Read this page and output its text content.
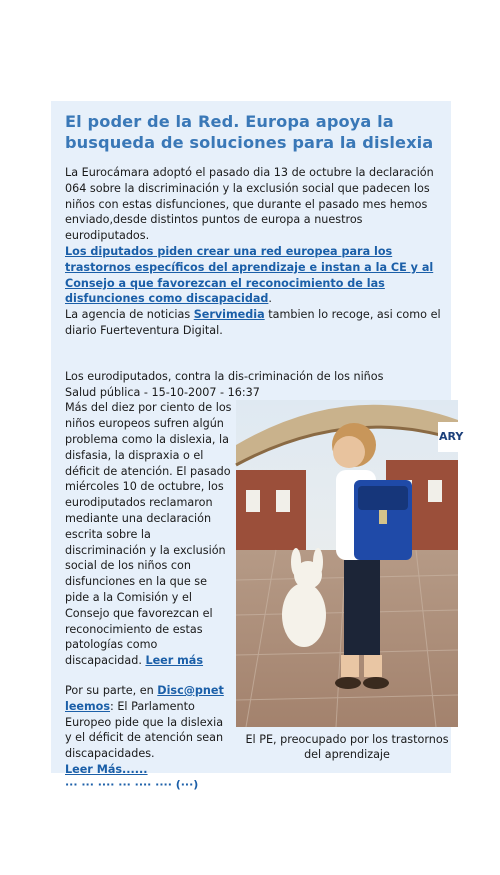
El poder de la Red. Europa apoya la busqueda de soluciones para la dislexia

La Eurocámara adoptó el pasado dia 13 de octubre la declaración 064 sobre la discriminación y la exclusión social que padecen los niños con estas disfunciones, que durante el pasado mes hemos enviado,desde distintos puntos de europa a nuestros eurodiputados.
Los diputados piden crear una red europea para los trastornos específicos del aprendizaje e instan a la CE y al Consejo a que favorezcan el reconocimiento de las disfunciones como discapacidad.
La agencia de noticias Servimedia tambien lo recoge, asi como el diario Fuerteventura Digital.

Los eurodiputados, contra la dis-criminación de los niños

Salud pública - 15-10-2007 - 16:37

ARY
El PE, preocupado por los trastornos del aprendizaje

Más del diez por ciento de los niños europeos sufren algún problema como la dislexia, la disfasia, la dispraxia o el déficit de atención. El pasado miércoles 10 de octubre, los eurodiputados reclamaron mediante una declaración escrita sobre la discriminación y la exclusión social de los niños con disfunciones en la que se pide a la Comisión y el Consejo que favorezcan el reconocimiento de estas patologías como discapacidad. Leer más

Por su parte, en Disc@pnet leemos: El Parlamento Europeo pide que la dislexia y el déficit de atención sean discapacidades.
Leer Más......

··· ··· ···· ··· ···· ···· (···)
